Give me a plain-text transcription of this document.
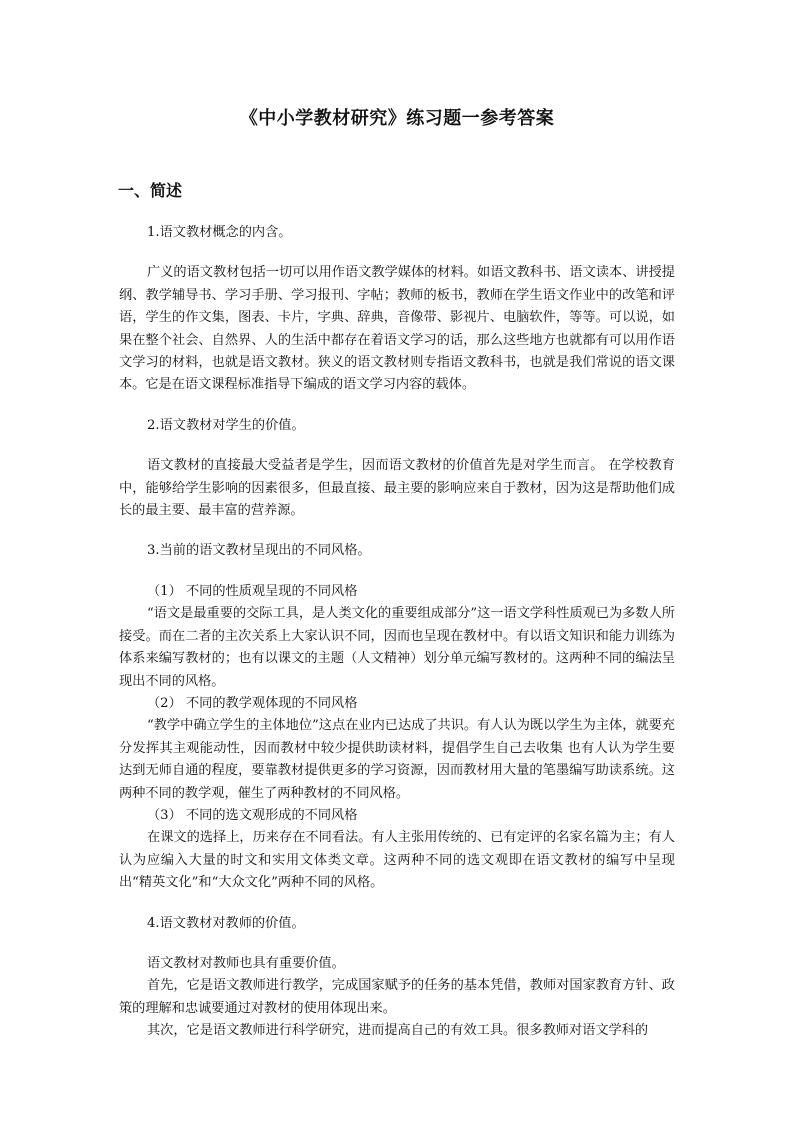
《中小学教材研究》练习题一参考答案
一、简述

1.语文教材概念的内含。

广义的语文教材包括一切可以用作语文教学媒体的材料。如语文教科书、语文读本、讲授提纲、教学辅导书、学习手册、学习报刊、字帖；教师的板书，教师在学生语文作业中的改笔和评语，学生的作文集，图表、卡片，字典、辞典，音像带、影视片、电脑软件，等等。可以说，如果在整个社会、自然界、人的生活中都存在着语文学习的话，那么这些地方也就都有可以用作语文学习的材料，也就是语文教材。狭义的语文教材则专指语文教科书，也就是我们常说的语文课本。它是在语文课程标准指导下编成的语文学习内容的载体。

2.语文教材对学生的价值。

语文教材的直接最大受益者是学生，因而语文教材的价值首先是对学生而言。 在学校教育中，能够给学生影响的因素很多，但最直接、最主要的影响应来自于教材，因为这是帮助他们成长的最主要、最丰富的营养源。

3.当前的语文教材呈现出的不同风格。

（1） 不同的性质观呈现的不同风格

“语文是最重要的交际工具，是人类文化的重要组成部分”这一语文学科性质观已为多数人所接受。而在二者的主次关系上大家认识不同，因而也呈现在教材中。有以语文知识和能力训练为体系来编写教材的；也有以课文的主题（人文精神）划分单元编写教材的。这两种不同的编法呈现出不同的风格。

（2） 不同的教学观体现的不同风格

“教学中确立学生的主体地位”这点在业内已达成了共识。有人认为既以学生为主体，就要充分发挥其主观能动性，因而教材中较少提供助读材料，提倡学生自己去收集 也有人认为学生要达到无师自通的程度，要靠教材提供更多的学习资源，因而教材用大量的笔墨编写助读系统。这两种不同的教学观，催生了两种教材的不同风格。

（3） 不同的选文观形成的不同风格

在课文的选择上，历来存在不同看法。有人主张用传统的、已有定评的名家名篇为主；有人认为应编入大量的时文和实用文体类文章。这两种不同的选文观即在语文教材的编写中呈现出“精英文化”和“大众文化”两种不同的风格。

4.语文教材对教师的价值。

语文教材对教师也具有重要价值。

首先，它是语文教师进行教学，完成国家赋予的任务的基本凭借，教师对国家教育方针、政策的理解和忠诚要通过对教材的使用体现出来。

其次，它是语文教师进行科学研究，进而提高自己的有效工具。很多教师对语文学科的
